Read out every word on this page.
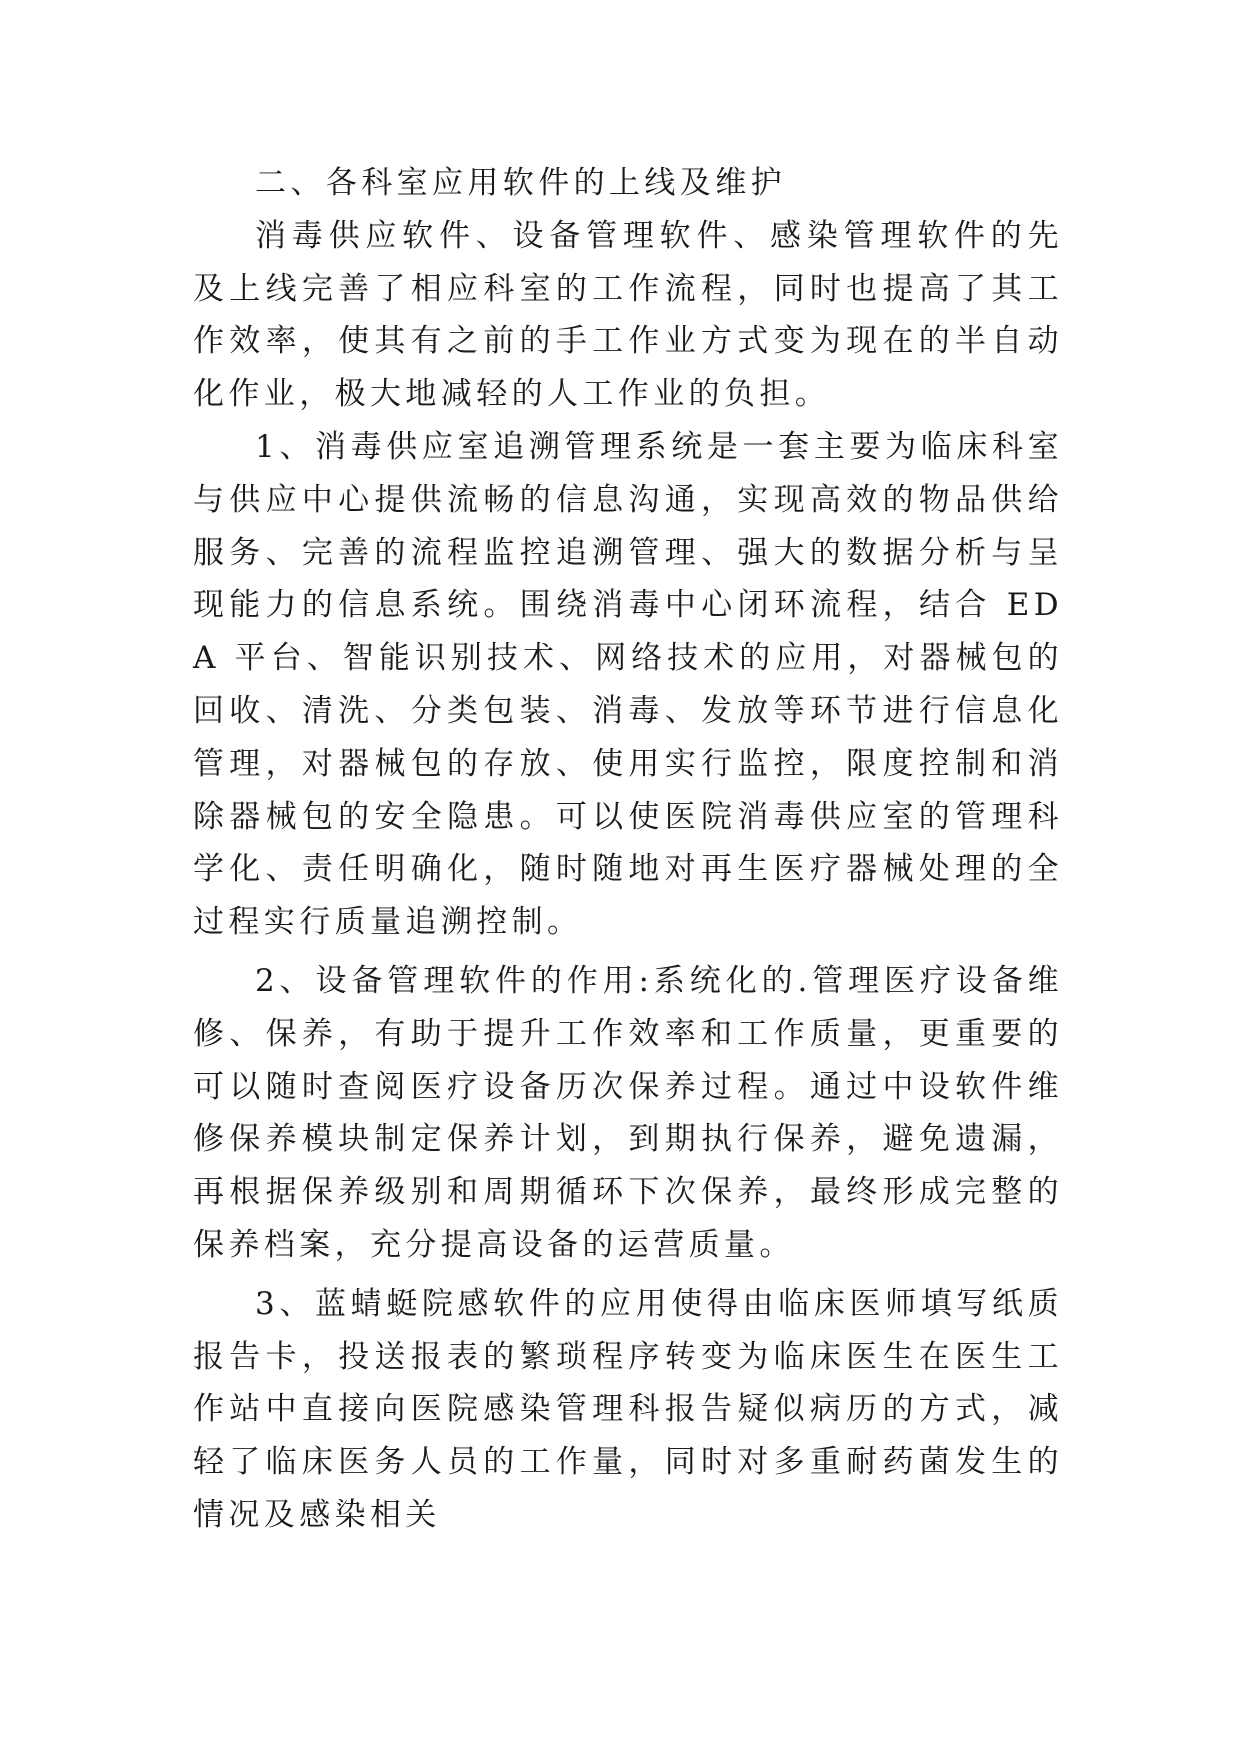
二、各科室应用软件的上线及维护

消毒供应软件、设备管理软件、感染管理软件的先及上线完善了相应科室的工作流程，同时也提高了其工作效率，使其有之前的手工作业方式变为现在的半自动化作业，极大地减轻的人工作业的负担。

1、消毒供应室追溯管理系统是一套主要为临床科室与供应中心提供流畅的信息沟通，实现高效的物品供给服务、完善的流程监控追溯管理、强大的数据分析与呈现能力的信息系统。围绕消毒中心闭环流程，结合 EDA 平台、智能识别技术、网络技术的应用，对器械包的回收、清洗、分类包装、消毒、发放等环节进行信息化管理，对器械包的存放、使用实行监控，限度控制和消除器械包的安全隐患。可以使医院消毒供应室的管理科学化、责任明确化，随时随地对再生医疗器械处理的全过程实行质量追溯控制。

2、设备管理软件的作用:系统化的.管理医疗设备维修、保养，有助于提升工作效率和工作质量，更重要的可以随时查阅医疗设备历次保养过程。通过中设软件维修保养模块制定保养计划，到期执行保养，避免遗漏，再根据保养级别和周期循环下次保养，最终形成完整的保养档案，充分提高设备的运营质量。

3、蓝蜻蜓院感软件的应用使得由临床医师填写纸质报告卡，投送报表的繁琐程序转变为临床医生在医生工作站中直接向医院感染管理科报告疑似病历的方式，减轻了临床医务人员的工作量，同时对多重耐药菌发生的情况及感染相关
